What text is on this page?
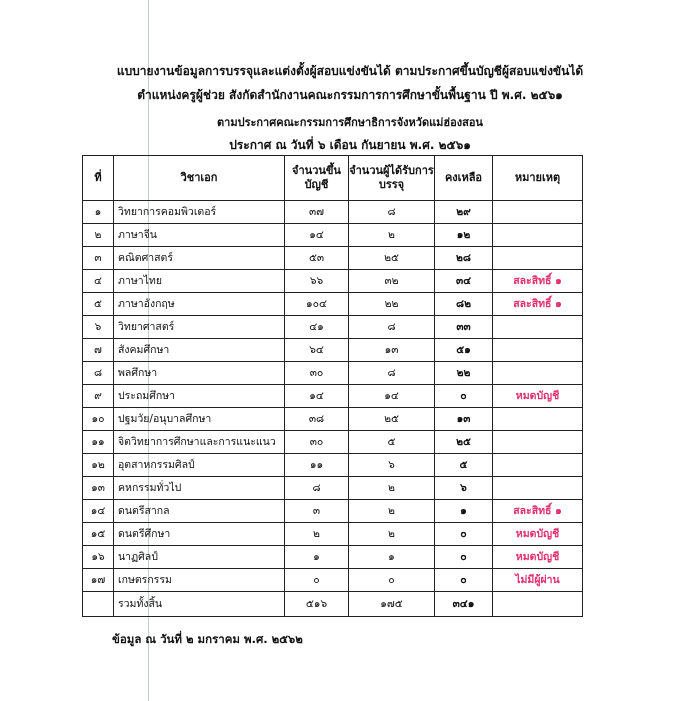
แบบายงานข้อมูลการบรรจุและแต่งตั้งผู้สอบแข่งขันได้ ตามประกาศขึ้นบัญชีผู้สอบแข่งขันได้
ตำแหน่งครูผู้ช่วย สังกัดสำนักงานคณะกรรมการการศึกษาขั้นพื้นฐาน ปี พ.ศ. ๒๕๖๑
ตามประกาศคณะกรรมการศึกษาธิการจังหวัดแม่ฮ่องสอน
ประกาศ ณ วันที่ ๖ เดือน กันยายน พ.ศ. ๒๕๖๑
ที่	วิชาเอก	จำนวนขึ้นบัญชี	จำนวนผู้ได้รับการบรรจุ	คงเหลือ	หมายเหตุ
๑	วิทยาการคอมพิวเตอร์	๓๗	๘	๒๙	
๒	ภาษาจีน	๑๔	๒	๑๒	
๓	คณิตศาสตร์	๕๓	๒๕	๒๘	
๔	ภาษาไทย	๖๖	๓๒	๓๔	สละสิทธิ์ ๑
๕	ภาษาอังกฤษ	๑๐๔	๒๒	๘๒	สละสิทธิ์ ๑
๖	วิทยาศาสตร์	๔๑	๘	๓๓	
๗	สังคมศึกษา	๖๔	๑๓	๕๑	
๘	พลศึกษา	๓๐	๘	๒๒	
๙	ประถมศึกษา	๑๔	๑๔	๐	หมดบัญชี
๑๐	ปฐมวัย/อนุบาลศึกษา	๓๘	๒๕	๑๓	
๑๑	จิตวิทยาการศึกษาและการแนะแนว	๓๐	๕	๒๕	
๑๒	อุตสาหกรรมศิลป์	๑๑	๖	๕	
๑๓	คหกรรมทั่วไป	๘	๒	๖	
๑๔	ดนตรีสากล	๓	๒	๑	สละสิทธิ์ ๑
๑๕	ดนตรีศึกษา	๒	๒	๐	หมดบัญชี
๑๖	นาฏศิลป์	๑	๑	๐	หมดบัญชี
๑๗	เกษตรกรรม	๐	๐	๐	ไม่มีผู้ผ่าน
	รวมทั้งสิ้น	๕๑๖	๑๗๕	๓๔๑	
ข้อมูล ณ วันที่ ๒ มกราคม พ.ศ. ๒๕๖๒
